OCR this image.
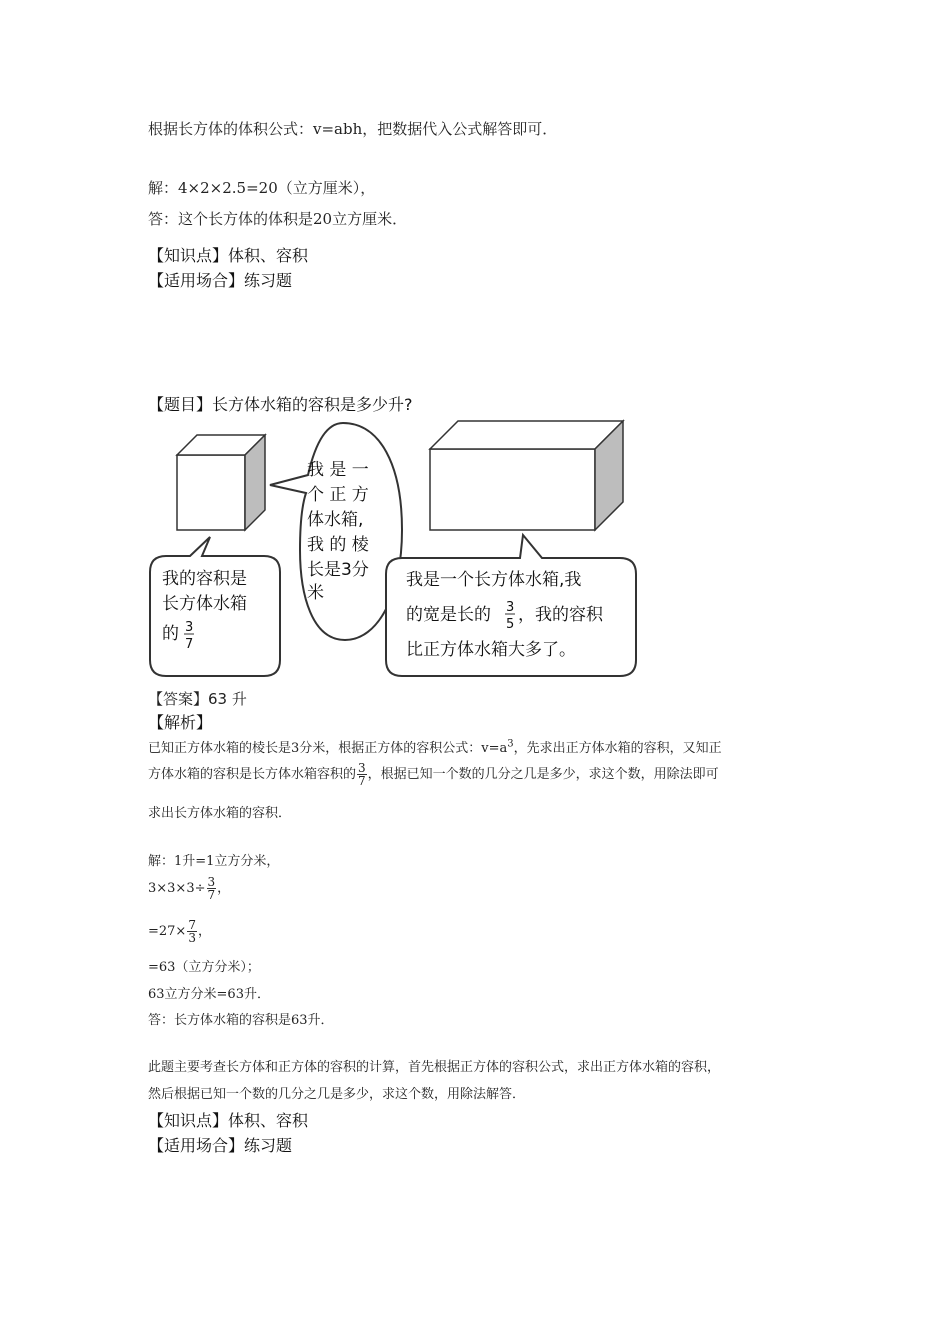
根据长方体的体积公式：v=abh，把数据代入公式解答即可．
解：4×2×2.5=20（立方厘米），
答：这个长方体的体积是20立方厘米．
【知识点】体积、容积
【适用场合】练习题
【题目】长方体水箱的容积是多少升?
我的容积是
长方体水箱
的 3
7
我 是 一
个 正 方
体水箱,
我 的 棱
长是3分
米
我是一个长方体水箱,我
的宽是长的 3
5 ，我的容积
比正方体水箱大多了。
【答案】63 升
【解析】
已知正方体水箱的棱长是3分米，根据正方体的容积公式：$v=a^3$，先求出正方体水箱的容积，又知正
方体水箱的容积是长方体水箱容积的 $\frac{3}{7}$ ，根据已知一个数的几分之几是多少，求这个数，用除法即可
求出长方体水箱的容积．
解：1升=1立方分米，
$3\times 3\times 3\div \frac{3}{7}$ ，
$=27\times \frac{7}{3}$ ，
=63（立方分米）；
63立方分米=63升．
答：长方体水箱的容积是63升．
此题主要考查长方体和正方体的容积的计算，首先根据正方体的容积公式，求出正方体水箱的容积，
然后根据已知一个数的几分之几是多少，求这个数，用除法解答．
【知识点】体积、容积
【适用场合】练习题
